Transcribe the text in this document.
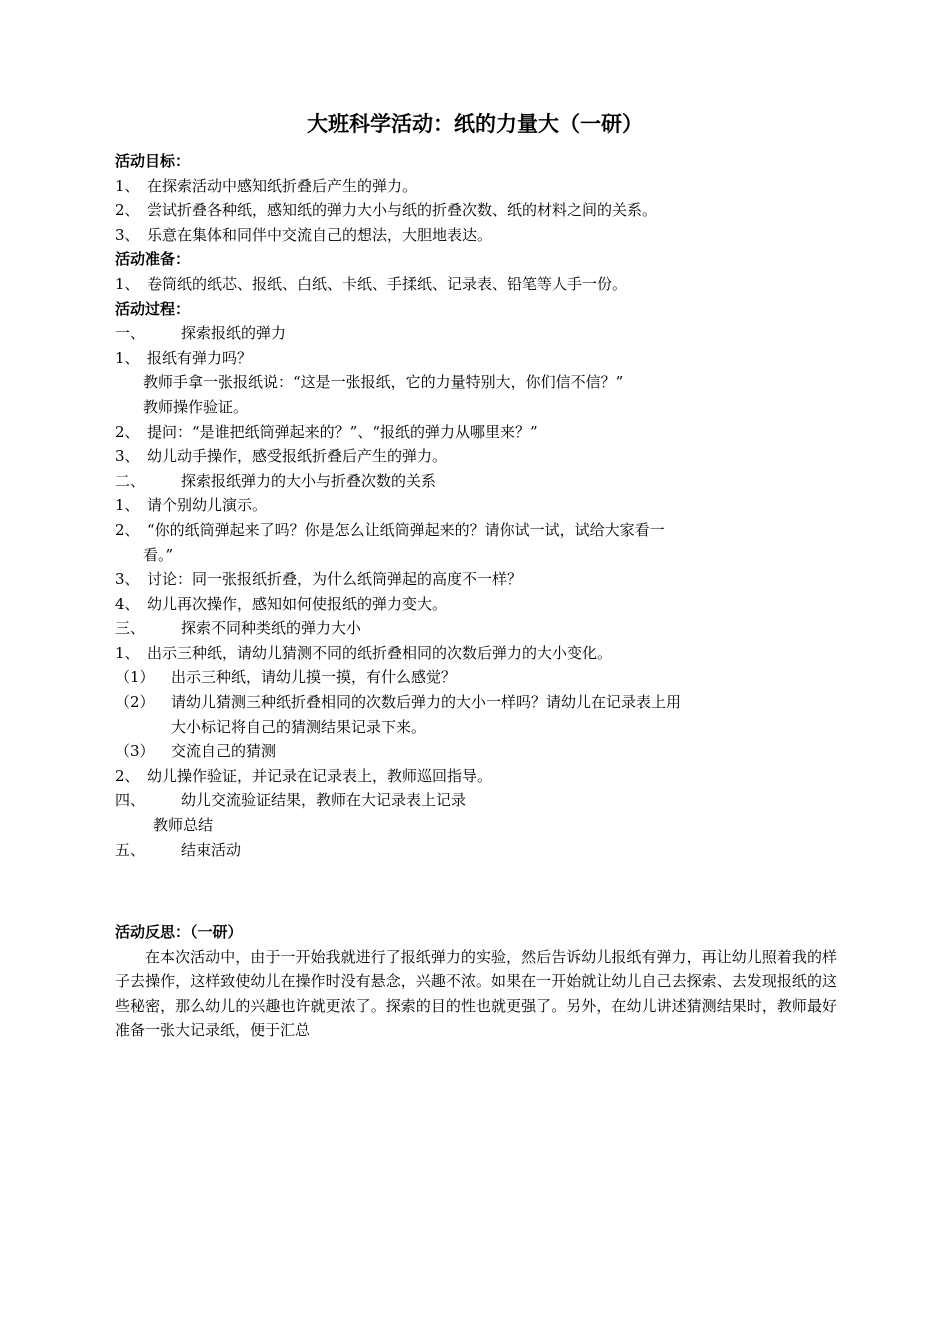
大班科学活动：纸的力量大（一研）
活动目标：
1、 在探索活动中感知纸折叠后产生的弹力。
2、 尝试折叠各种纸，感知纸的弹力大小与纸的折叠次数、纸的材料之间的关系。
3、 乐意在集体和同伴中交流自己的想法，大胆地表达。
活动准备：
1、 卷筒纸的纸芯、报纸、白纸、卡纸、手揉纸、记录表、铅笔等人手一份。
活动过程：
一、 探索报纸的弹力
1、 报纸有弹力吗？
教师手拿一张报纸说：“这是一张报纸，它的力量特别大，你们信不信？”
教师操作验证。
2、 提问：“是谁把纸筒弹起来的？”、“报纸的弹力从哪里来？”
3、 幼儿动手操作，感受报纸折叠后产生的弹力。
二、 探索报纸弹力的大小与折叠次数的关系
1、 请个别幼儿演示。
2、 “你的纸筒弹起来了吗？你是怎么让纸筒弹起来的？请你试一试，试给大家看一
看。”
3、 讨论：同一张报纸折叠，为什么纸筒弹起的高度不一样？
4、 幼儿再次操作，感知如何使报纸的弹力变大。
三、 探索不同种类纸的弹力大小
1、 出示三种纸，请幼儿猜测不同的纸折叠相同的次数后弹力的大小变化。
（1） 出示三种纸，请幼儿摸一摸，有什么感觉？
（2） 请幼儿猜测三种纸折叠相同的次数后弹力的大小一样吗？请幼儿在记录表上用
大小标记将自己的猜测结果记录下来。
（3） 交流自己的猜测
2、 幼儿操作验证，并记录在记录表上，教师巡回指导。
四、 幼儿交流验证结果，教师在大记录表上记录
教师总结
五、 结束活动
活动反思：（一研）

在本次活动中，由于一开始我就进行了报纸弹力的实验，然后告诉幼儿报纸有弹力，再让幼儿照着我的样子去操作，这样致使幼儿在操作时没有悬念，兴趣不浓。如果在一开始就让幼儿自己去探索、去发现报纸的这些秘密，那么幼儿的兴趣也许就更浓了。探索的目的性也就更强了。另外，在幼儿讲述猜测结果时，教师最好准备一张大记录纸，便于汇总
